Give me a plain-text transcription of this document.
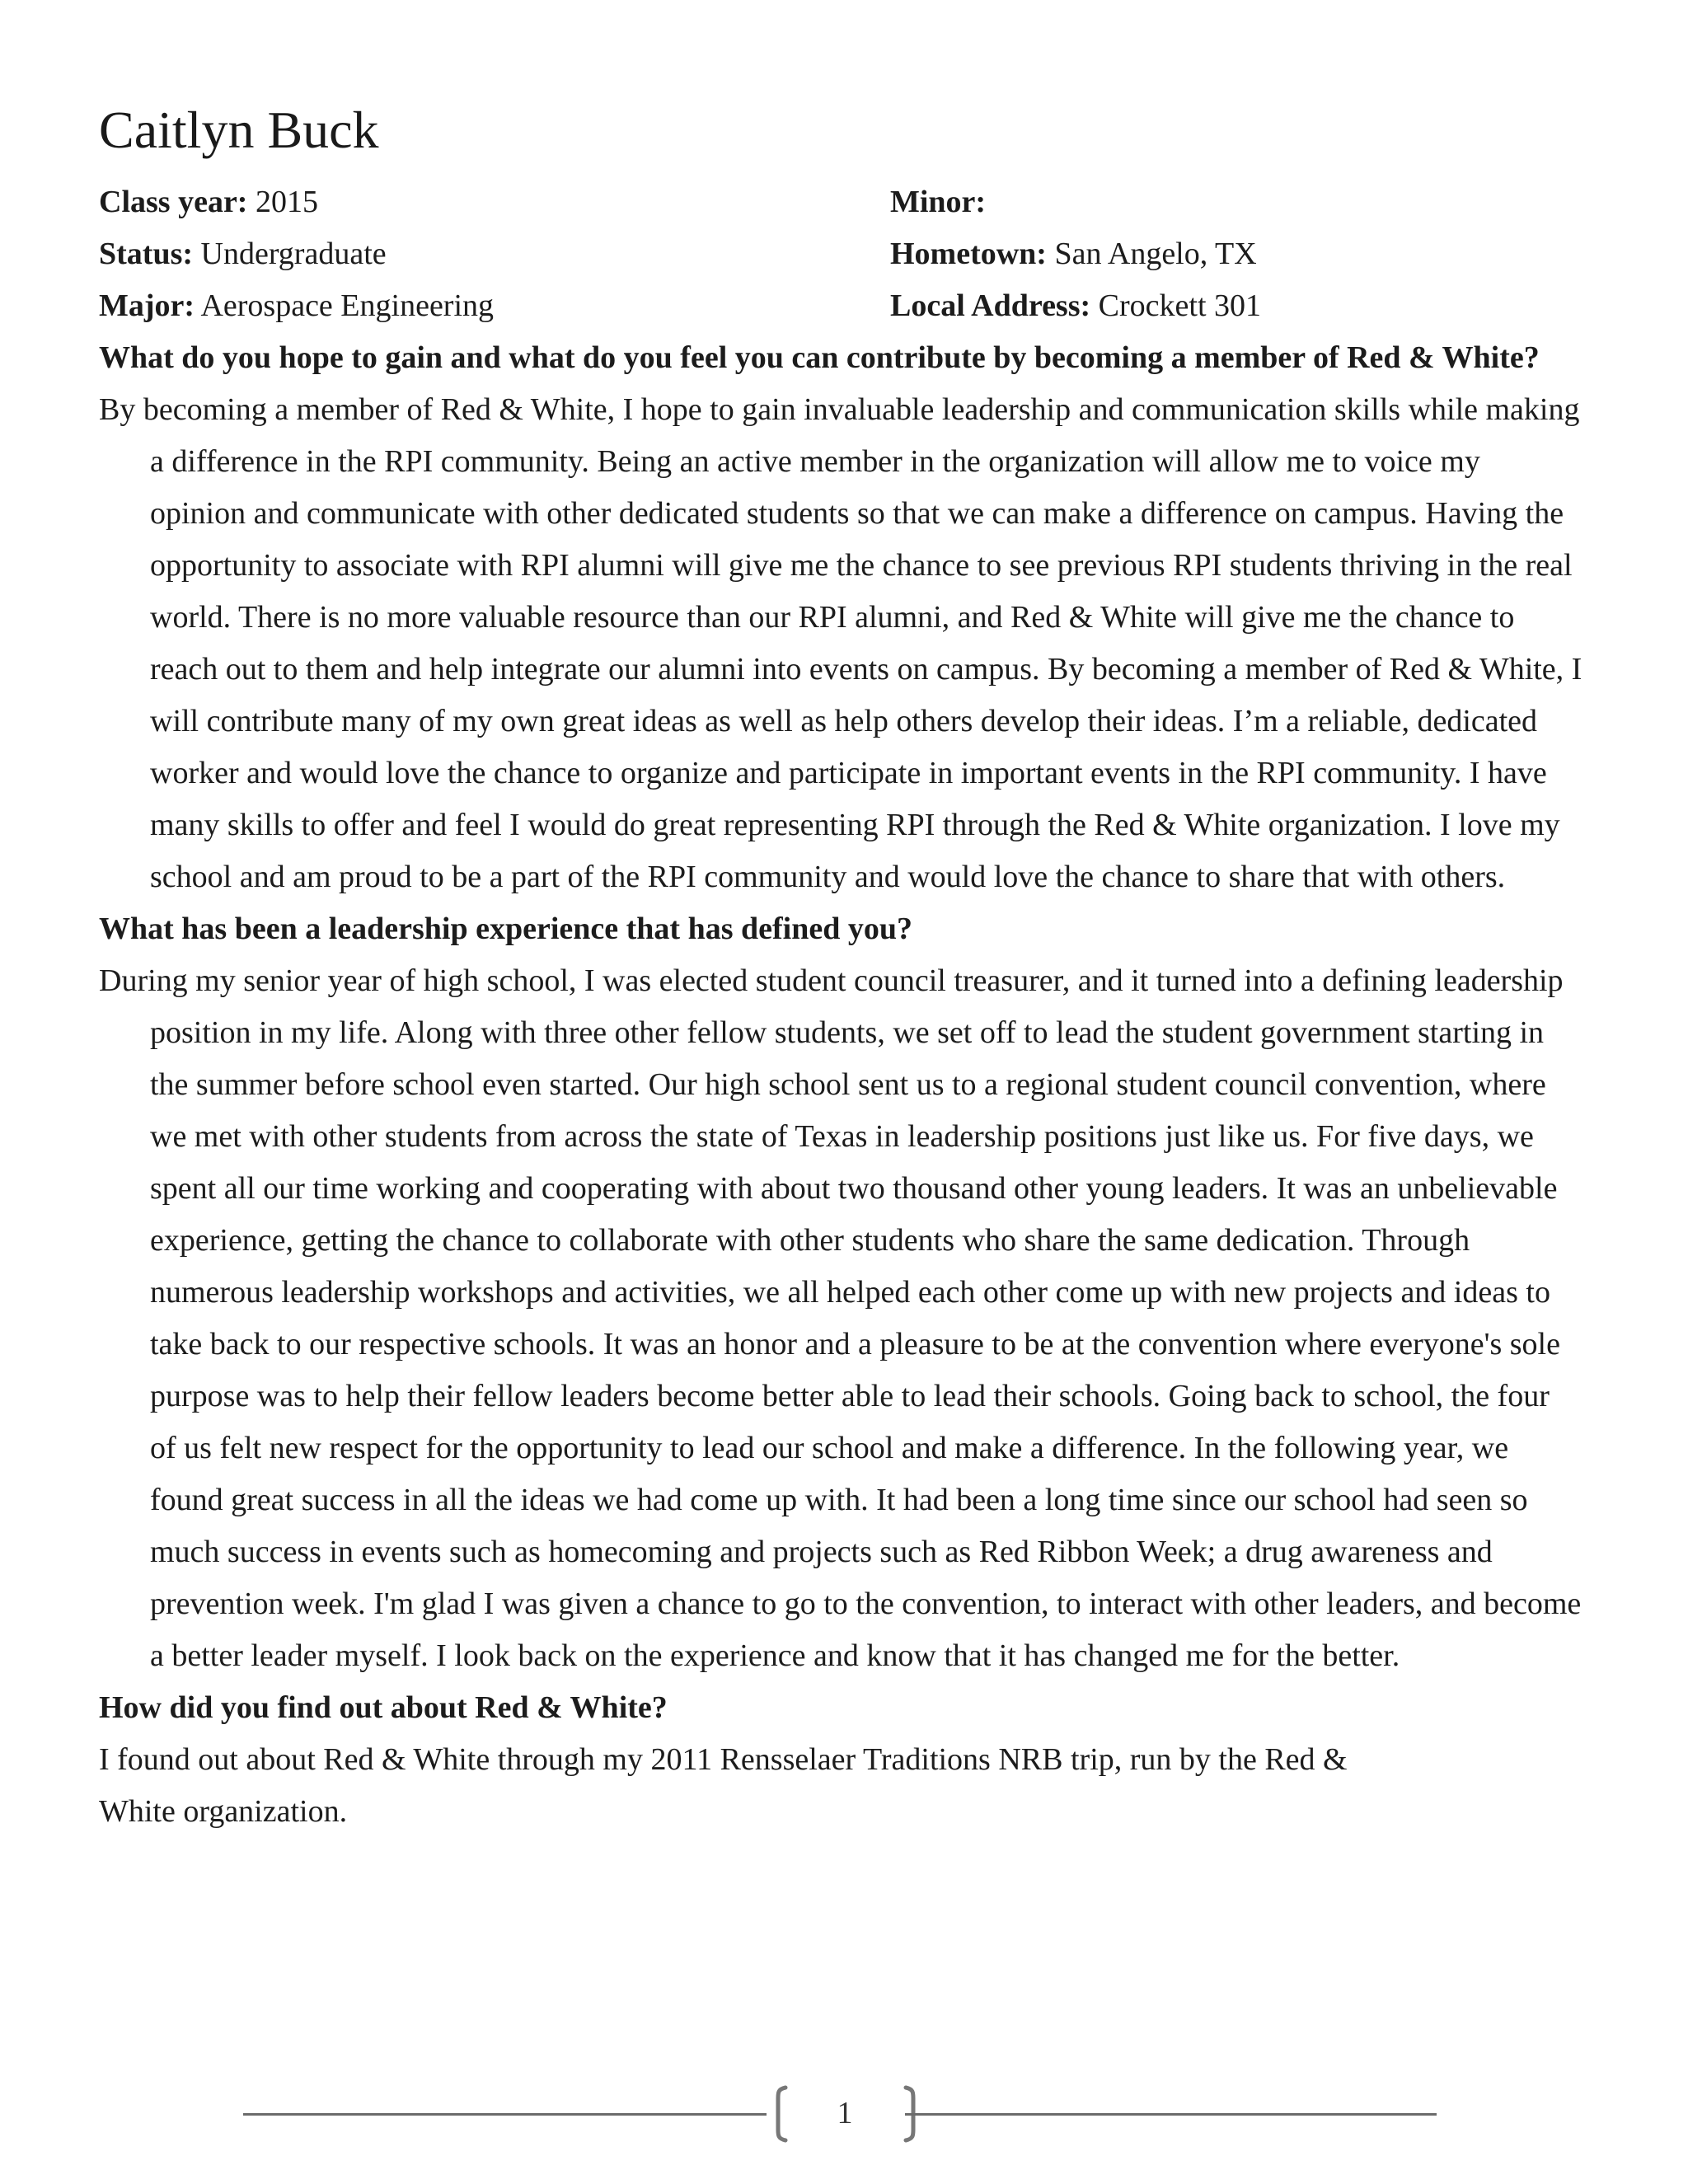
Caitlyn Buck
Class year: 2015	Minor:
Status: Undergraduate	Hometown: San Angelo, TX
Major: Aerospace Engineering	Local Address: Crockett 301
What do you hope to gain and what do you feel you can contribute by becoming a member of Red & White?
By becoming a member of Red & White, I hope to gain invaluable leadership and communication skills while making a difference in the RPI community. Being an active member in the organization will allow me to voice my opinion and communicate with other dedicated students so that we can make a difference on campus. Having the opportunity to associate with RPI alumni will give me the chance to see previous RPI students thriving in the real world. There is no more valuable resource than our RPI alumni, and Red & White will give me the chance to reach out to them and help integrate our alumni into events on campus. By becoming a member of Red & White, I will contribute many of my own great ideas as well as help others develop their ideas. I’m a reliable, dedicated worker and would love the chance to organize and participate in important events in the RPI community. I have many skills to offer and feel I would do great representing RPI through the Red & White organization. I love my school and am proud to be a part of the RPI community and would love the chance to share that with others.
What has been a leadership experience that has defined you?
During my senior year of high school, I was elected student council treasurer, and it turned into a defining leadership position in my life. Along with three other fellow students, we set off to lead the student government starting in the summer before school even started. Our high school sent us to a regional student council convention, where we met with other students from across the state of Texas in leadership positions just like us. For five days, we spent all our time working and cooperating with about two thousand other young leaders. It was an unbelievable experience, getting the chance to collaborate with other students who share the same dedication. Through numerous leadership workshops and activities, we all helped each other come up with new projects and ideas to take back to our respective schools. It was an honor and a pleasure to be at the convention where everyone's sole purpose was to help their fellow leaders become better able to lead their schools. Going back to school, the four of us felt new respect for the opportunity to lead our school and make a difference. In the following year, we found great success in all the ideas we had come up with. It had been a long time since our school had seen so much success in events such as homecoming and projects such as Red Ribbon Week; a drug awareness and prevention week. I'm glad I was given a chance to go to the convention, to interact with other leaders, and become a better leader myself. I look back on the experience and know that it has changed me for the better.
How did you find out about Red & White?
I found out about Red & White through my 2011 Rensselaer Traditions NRB trip, run by the Red &
White organization.
1
